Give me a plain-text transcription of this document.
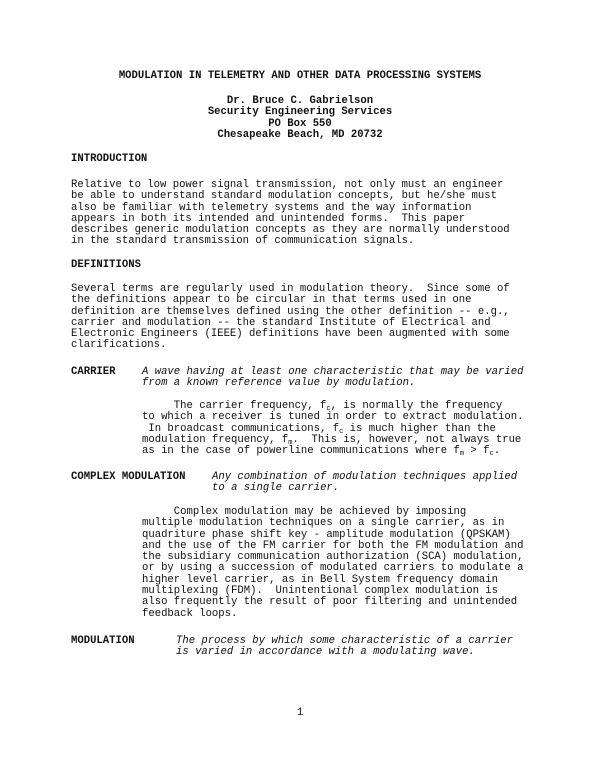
MODULATION IN TELEMETRY AND OTHER DATA PROCESSING SYSTEMS
Dr. Bruce C. Gabrielson
Security Engineering Services
PO Box 550
Chesapeake Beach, MD 20732
INTRODUCTION
Relative to low power signal transmission, not only must an engineer
be able to understand standard modulation concepts, but he/she must
also be familiar with telemetry systems and the way information
appears in both its intended and unintended forms.  This paper
describes generic modulation concepts as they are normally understood
in the standard transmission of communication signals.
DEFINITIONS
Several terms are regularly used in modulation theory.  Since some of
the definitions appear to be circular in that terms used in one
definition are themselves defined using the other definition -- e.g.,
carrier and modulation -- the standard Institute of Electrical and
Electronic Engineers (IEEE) definitions have been augmented with some
clarifications.
CARRIER A wave having at least one characteristic that may be varied
from a known reference value by modulation.
The carrier frequency, $f_c$, is normally the frequency
to which a receiver is tuned in order to extract modulation.
In broadcast communications, $f_c$ is much higher than the
modulation frequency, $f_m$.  This is, however, not always true
as in the case of powerline communications where $f_m > f_c$.
COMPLEX MODULATION	Any combination of modulation techniques applied
to a single carrier.
Complex modulation may be achieved by imposing
multiple modulation techniques on a single carrier, as in
quadriture phase shift key - amplitude modulation (QPSKAM)
and the use of the FM carrier for both the FM modulation and
the subsidiary communication authorization (SCA) modulation,
or by using a succession of modulated carriers to modulate a
higher level carrier, as in Bell System frequency domain
multiplexing (FDM).  Unintentional complex modulation is
also frequently the result of poor filtering and unintended
feedback loops.
MODULATION	The process by which some characteristic of a carrier
is varied in accordance with a modulating wave.
1
